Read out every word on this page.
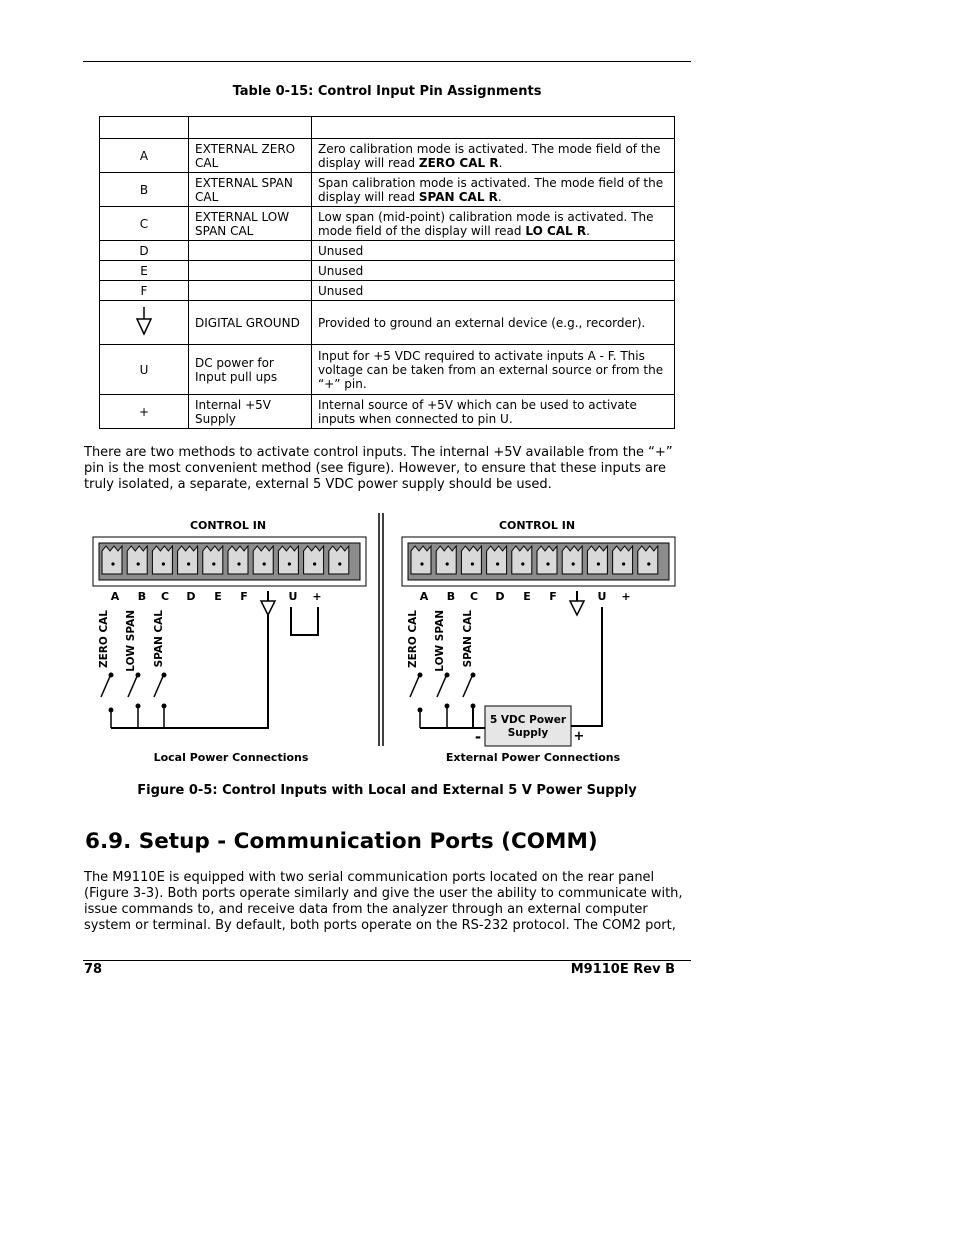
Table 0-15: Control Input Pin Assignments

A	EXTERNAL ZERO CAL	Zero calibration mode is activated. The mode field of the display will read ZERO CAL R.
B	EXTERNAL SPAN CAL	Span calibration mode is activated. The mode field of the display will read SPAN CAL R.
C	EXTERNAL LOW SPAN CAL	Low span (mid-point) calibration mode is activated. The mode field of the display will read LO CAL R.
D		Unused
E		Unused
F		Unused
	DIGITAL GROUND	Provided to ground an external device (e.g., recorder).
U	DC power for Input pull ups	Input for +5 VDC required to activate inputs A - F. This voltage can be taken from an external source or from the “+” pin.
+	Internal +5V Supply	Internal source of +5V which can be used to activate inputs when connected to pin U.
There are two methods to activate control inputs. The internal +5V available from the “+” pin is the most convenient method (see figure). However, to ensure that these inputs are truly isolated, a separate, external 5 VDC power supply should be used.
CONTROL IN
A B C D E F	U +
ZERO CAL LOW SPAN SPAN CAL
Local Power Connections
CONTROL IN
A B C D E F	U +
ZERO CAL LOW SPAN SPAN CAL
5 VDC Power
Supply
-	+
External Power Connections
Figure 0-5: Control Inputs with Local and External 5 V Power Supply
6.9. Setup - Communication Ports (COMM)
The M9110E is equipped with two serial communication ports located on the rear panel (Figure 3-3). Both ports operate similarly and give the user the ability to communicate with, issue commands to, and receive data from the analyzer through an external computer system or terminal. By default, both ports operate on the RS-232 protocol. The COM2 port,
78	M9110E Rev B
